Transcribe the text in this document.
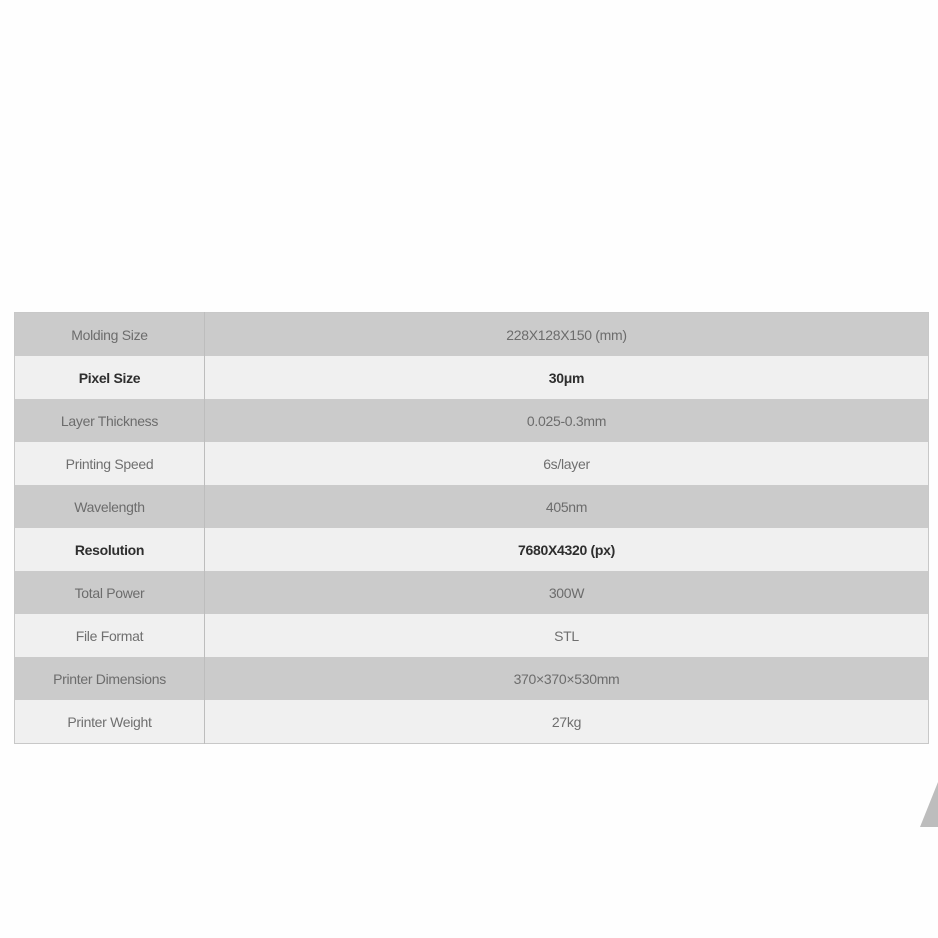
Molding Size	228X128X150 (mm)
Pixel Size	30μm
Layer Thickness	0.025-0.3mm
Printing Speed	6s/layer
Wavelength	405nm
Resolution	7680X4320 (px)
Total Power	300W
File Format	STL
Printer Dimensions	370×370×530mm
Printer Weight	27kg
